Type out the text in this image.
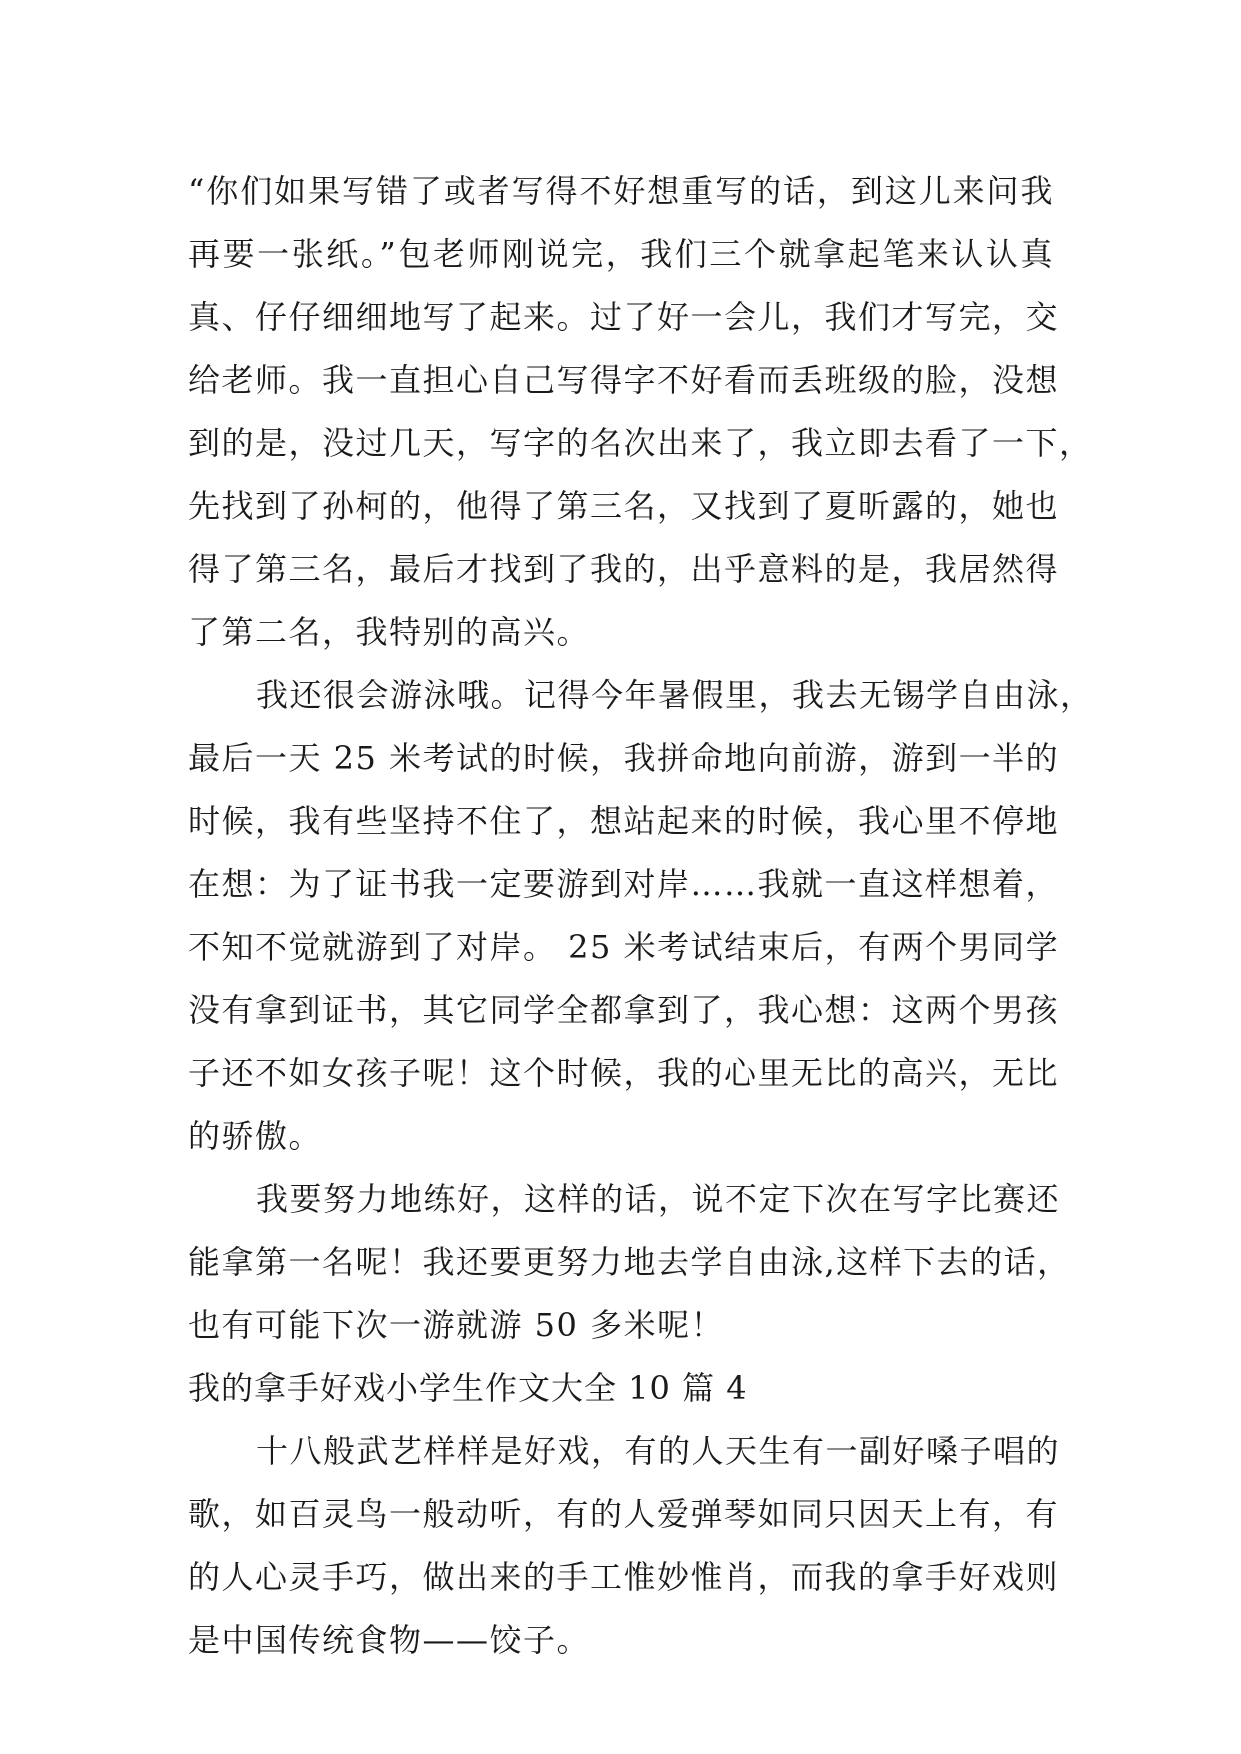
“你们如果写错了或者写得不好想重写的话，到这儿来问我
再要一张纸。”包老师刚说完，我们三个就拿起笔来认认真
真、仔仔细细地写了起来。过了好一会儿，我们才写完，交
给老师。我一直担心自己写得字不好看而丢班级的脸，没想
到的是，没过几天，写字的名次出来了，我立即去看了一下，
先找到了孙柯的，他得了第三名，又找到了夏昕露的，她也
得了第三名，最后才找到了我的，出乎意料的是，我居然得
了第二名，我特别的高兴。
我还很会游泳哦。记得今年暑假里，我去无锡学自由泳，
最后一天 25 米考试的时候，我拼命地向前游，游到一半的
时候，我有些坚持不住了，想站起来的时候，我心里不停地
在想：为了证书我一定要游到对岸……我就一直这样想着，
不知不觉就游到了对岸。 25 米考试结束后，有两个男同学
没有拿到证书，其它同学全都拿到了，我心想：这两个男孩
子还不如女孩子呢！这个时候，我的心里无比的高兴，无比
的骄傲。
我要努力地练好，这样的话，说不定下次在写字比赛还
能拿第一名呢！我还要更努力地去学自由泳,这样下去的话，
也有可能下次一游就游 50 多米呢！
我的拿手好戏小学生作文大全 10 篇 4
十八般武艺样样是好戏，有的人天生有一副好嗓子唱的
歌，如百灵鸟一般动听，有的人爱弹琴如同只因天上有，有
的人心灵手巧，做出来的手工惟妙惟肖，而我的拿手好戏则
是中国传统食物——饺子。
